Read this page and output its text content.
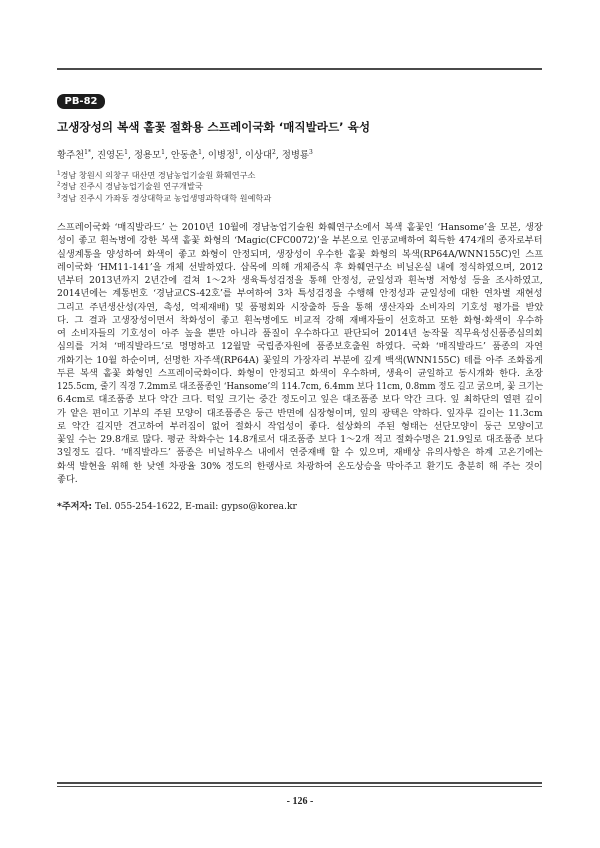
PB-82
고생장성의 복색 홑꽃 절화용 스프레이국화 ‘매직발라드’ 육성
황주천$^{1*}$, 진영돈$^1$, 정용모$^1$, 안동춘$^1$, 이병정$^1$, 이상대$^2$, 정병룡$^3$
$^1$경남 창원시 의창구 대산면 경남농업기술원 화훼연구소
$^2$경남 진주시 경남농업기술원 연구개발국
$^3$경남 진주시 가좌동 경상대학교 농업생명과학대학 원예학과
스프레이국화 ‘매직발라드’ 는 2010년 10월에 경남농업기술원 화훼연구소에서 복색 홑꽃인 ‘Hansome’을 모본, 생장
성이 좋고 흰녹병에 강한 복색 홑꽃 화형의 ‘Magic(CFC0072)’을 부본으로 인공교배하여 획득한 474개의 종자로부터
실생계통을 양성하여 화색이 좋고 화형이 안정되며, 생장성이 우수한 홑꽃 화형의 복색(RP64A/WNN155C)인 스프
레이국화 ‘HM11-141’을 개체 선발하였다. 삽목에 의해 개체증식 후 화훼연구소 비닐온실 내에 정식하였으며, 2012
년부터 2013년까지 2년간에 걸쳐 1～2차 생육특성검정을 통해 안정성, 균일성과 흰녹병 저항성 등을 조사하였고,
2014년에는 계통번호 ‘경남교CS-42호’를 부여하여 3차 특성검정을 수행해 안정성과 균일성에 대한 연차별 재현성
그리고 주년생산성(자연, 촉성, 억제재배) 및 품평회와 시장출하 등을 통해 생산자와 소비자의 기호성 평가를 받았
다. 그 결과 고생장성이면서 착화성이 좋고 흰녹병에도 비교적 강해 재배자들이 선호하고 또한 화형·화색이 우수하
여 소비자들의 기호성이 아주 높을 뿐만 아니라 품질이 우수하다고 판단되어 2014년 농작물 직무육성신품종심의회
심의를 거쳐 ‘매직발라드’로 명명하고 12월말 국립종자원에 품종보호출원 하였다. 국화 ‘매직발라드’ 품종의 자연
개화기는 10월 하순이며, 선명한 자주색(RP64A) 꽃잎의 가장자리 부분에 깊게 백색(WNN155C) 테를 아주 조화롭게
두른 복색 홑꽃 화형인 스프레이국화이다. 화형이 안정되고 화색이 우수하며, 생육이 균일하고 동시개화 한다. 초장
125.5cm, 줄기 직경 7.2mm로 대조품종인 ‘Hansome’의 114.7cm, 6.4mm 보다 11cm, 0.8mm 정도 길고 굵으며, 꽃 크기는
6.4cm로 대조품종 보다 약간 크다. 턱잎 크기는 중간 정도이고 잎은 대조품종 보다 약간 크다. 잎 최하단의 열편 깊이
가 얕은 편이고 기부의 주된 모양이 대조품종은 둥근 반면에 심장형이며, 잎의 광택은 약하다. 잎자루 길이는 11.3cm
로 약간 길지만 견고하여 부러짐이 없어 절화시 작업성이 좋다. 설상화의 주된 형태는 선단모양이 둥근 모양이고
꽃잎 수는 29.8개로 많다. 평균 착화수는 14.8개로서 대조품종 보다 1～2개 적고 절화수명은 21.9일로 대조품종 보다
3일정도 길다. ‘매직발라드’ 품종은 비닐하우스 내에서 연중재배 할 수 있으며, 재배상 유의사항은 하계 고온기에는
화색 발현을 위해 한 낮엔 차광율 30% 정도의 한랭사로 차광하여 온도상승을 막아주고 환기도 충분히 해 주는 것이
좋다.
*주저자: Tel. 055-254-1622, E-mail: gypso@korea.kr
- 126 -
